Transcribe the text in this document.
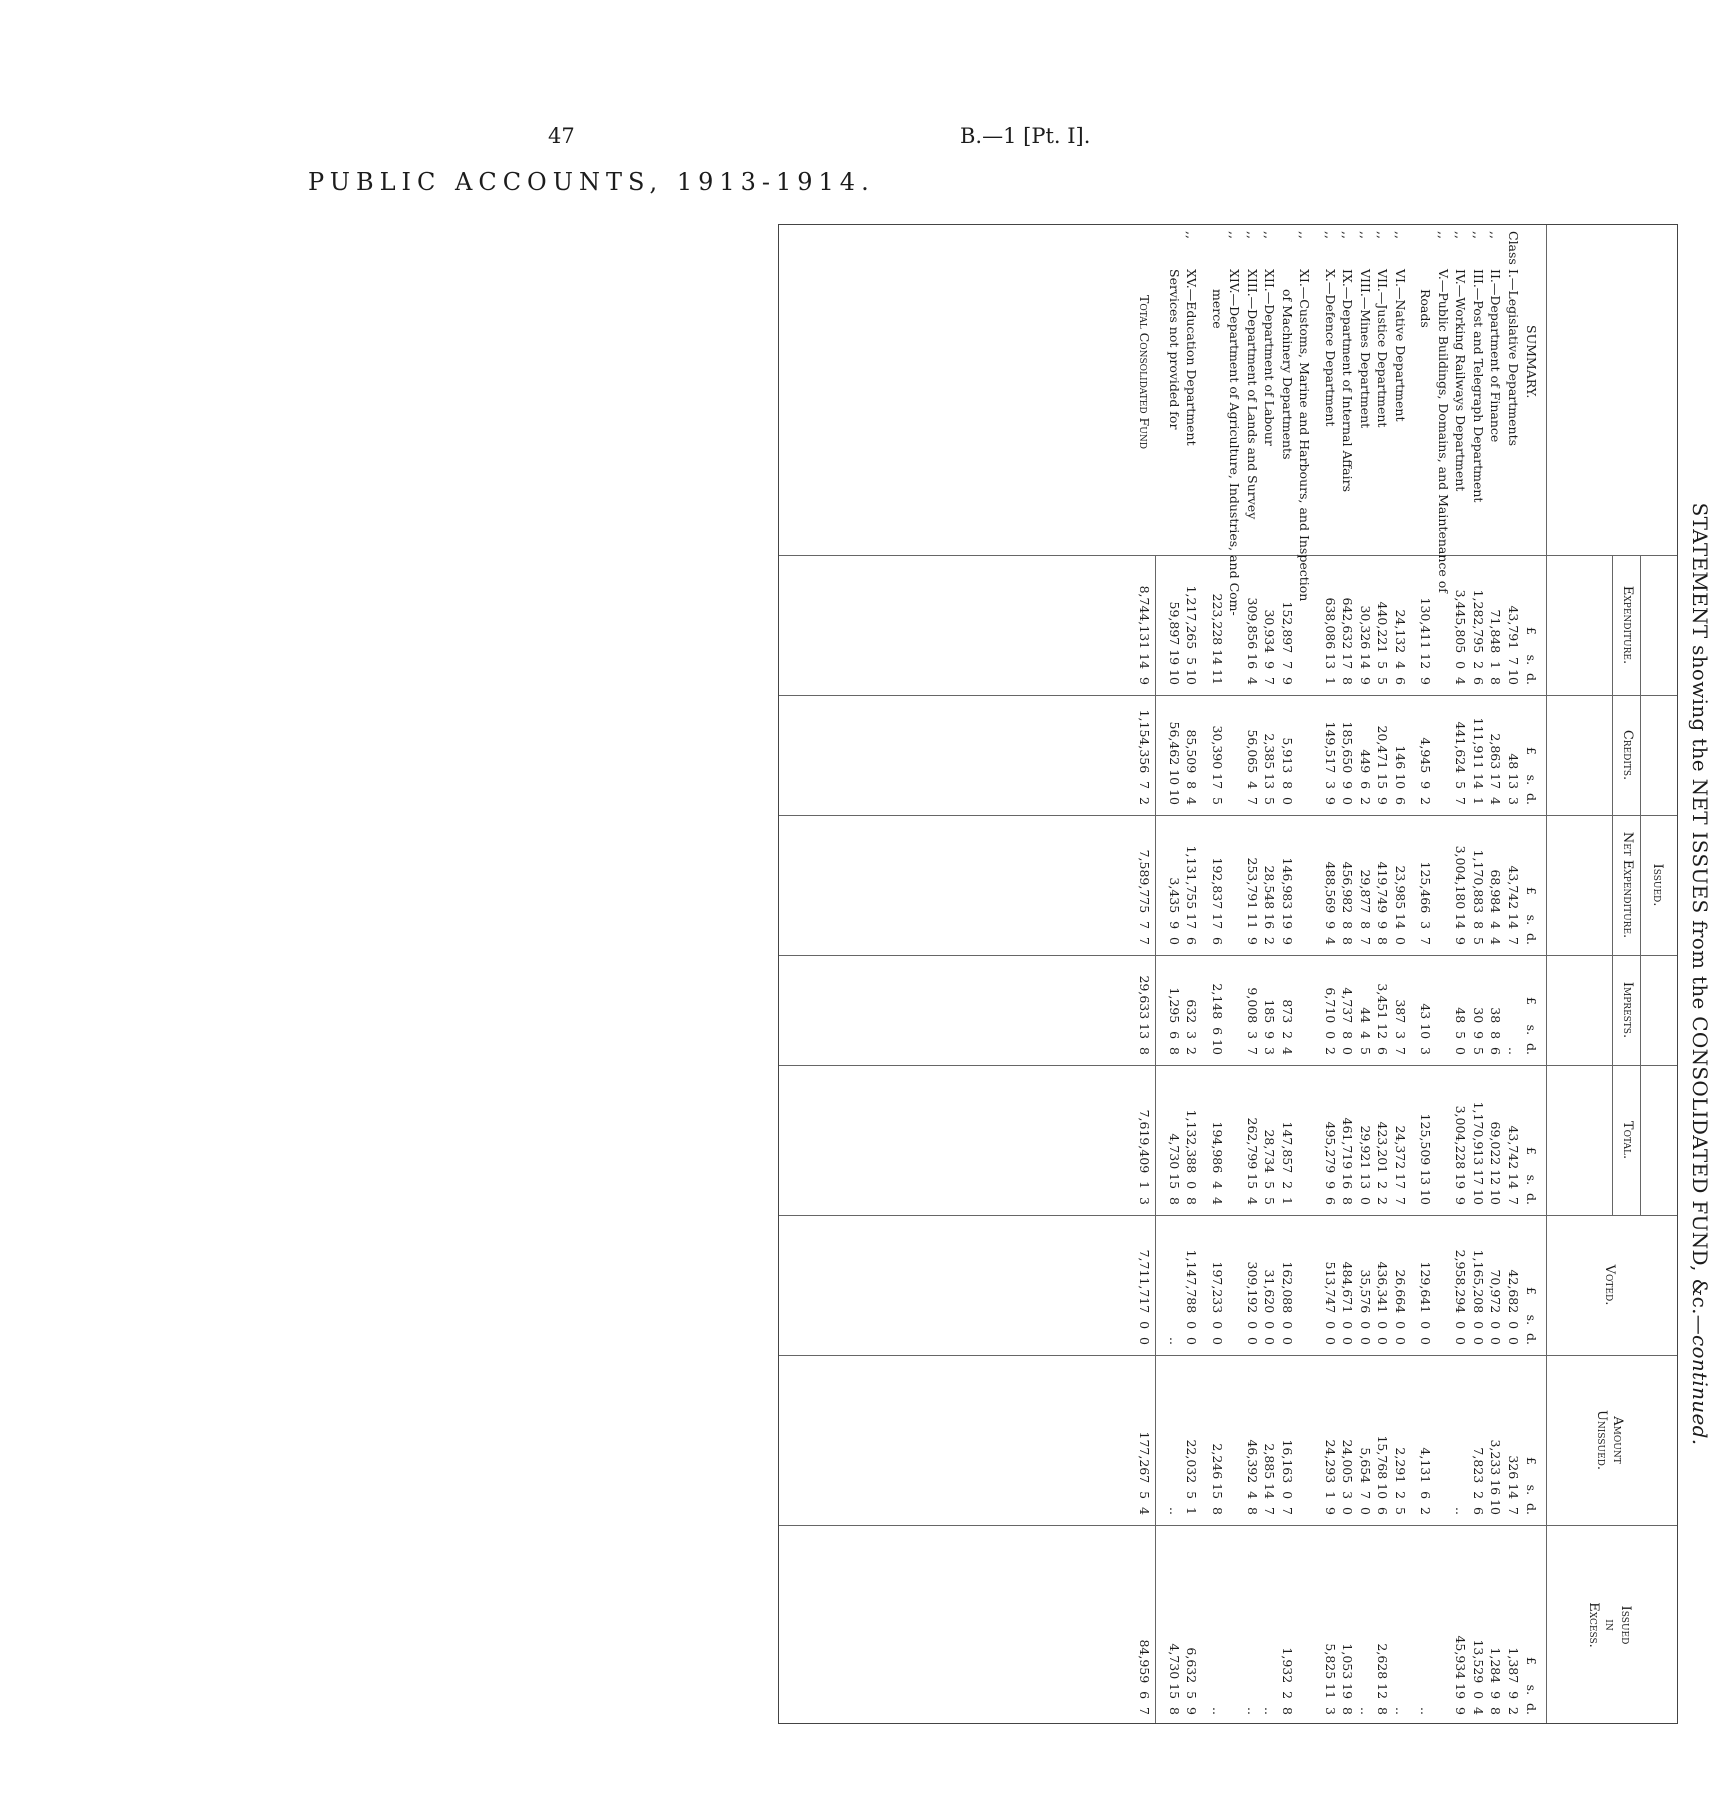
47	B.—1 [Pt. I].
PUBLIC ACCOUNTS, 1913-1914.
STATEMENT showing the NET ISSUES from the CONSOLIDATED FUND, &c.—continued.
Issued.
Expenditure.
Credits.
Net Expenditure.
Imprests.
Total.
Voted.
Amount
Unissued.
Issued
in
Excess.
£     s.  d.
£     s.  d.
£     s.  d.
£     s.  d.
£     s.  d.
£     s.  d.
£     s.  d.
£     s.  d.
SUMMARY.
Class
I.—Legislative Departments
43,791  7 10
48 13  3
43,742 14  7
..
43,742 14  7
42,682  0  0
326 14  7
1,387  9  2
,,
II.—Department of Finance
71,848  1  8
2,863 17  4
68,984  4  4
38  8  6
69,022 12 10
70,972  0  0
3,233 16 10
1,284  9  8
,,
III.—Post and Telegraph Department
1,282,795  2  6
111,911 14  1
1,170,883  8  5
30  9  5
1,170,913 17 10
1,165,208  0  0
7,823  2  6
13,529  0  4
,,
IV.—Working Railways Department
3,445,805  0  4
441,624  5  7
3,004,180 14  9
48  5  0
3,004,228 19  9
2,958,294  0  0
..
45,934 19  9
,,
V.—Public Buildings, Domains, and Maintenance of
Roads
130,411 12  9
4,945  9  2
125,466  3  7
43 10  3
125,509 13 10
129,641  0  0
4,131  6  2
..
,,
VI.—Native Department
24,132  4  6
146 10  6
23,985 14  0
387  3  7
24,372 17  7
26,664  0  0
2,291  2  5
..
,,
VII.—Justice Department
440,221  5  5
20,471 15  9
419,749  9  8
3,451 12  6
423,201  2  2
436,341  0  0
15,768 10  6
2,628 12  8
,,
VIII.—Mines Department
30,326 14  9
449  6  2
29,877  8  7
44  4  5
29,921 13  0
35,576  0  0
5,654  7  0
..
,,
IX.—Department of Internal Affairs
642,632 17  8
185,650  9  0
456,982  8  8
4,737  8  0
461,719 16  8
484,671  0  0
24,005  3  0
1,053 19  8
,,
X.—Defence Department
638,086 13  1
149,517  3  9
488,569  9  4
6,710  0  2
495,279  9  6
513,747  0  0
24,293  1  9
5,825 11  3
,,
XI.—Customs, Marine and Harbours, and Inspection
of Machinery Departments
152,897  7  9
5,913  8  0
146,983 19  9
873  2  4
147,857  2  1
162,088  0  0
16,163  0  7
1,932  2  8
,,
XII.—Department of Labour
30,934  9  7
2,385 13  5
28,548 16  2
185  9  3
28,734  5  5
31,620  0  0
2,885 14  7
..
,,
XIII.—Department of Lands and Survey
309,856 16  4
56,065  4  7
253,791 11  9
9,008  3  7
262,799 15  4
309,192  0  0
46,392  4  8
..
,,
XIV.—Department of Agriculture, Industries, and Com-
merce
223,228 14 11
30,390 17  5
192,837 17  6
2,148  6 10
194,986  4  4
197,233  0  0
2,246 15  8
..
,,
XV.—Education Department
1,217,265  5 10
85,509  8  4
1,131,755 17  6
632  3  2
1,132,388  0  8
1,147,788  0  0
22,032  5  1
6,632  5  9
Services not provided for
59,897 19 10
56,462 10 10
3,435  9  0
1,295  6  8
4,730 15  8
..
..
4,730 15  8
Total Consolidated Fund
8,744,131 14  9
1,154,356  7  2
7,589,775  7  7
29,633 13  8
7,619,409  1  3
7,711,717  0  0
177,267  5  4
84,959  6  7
